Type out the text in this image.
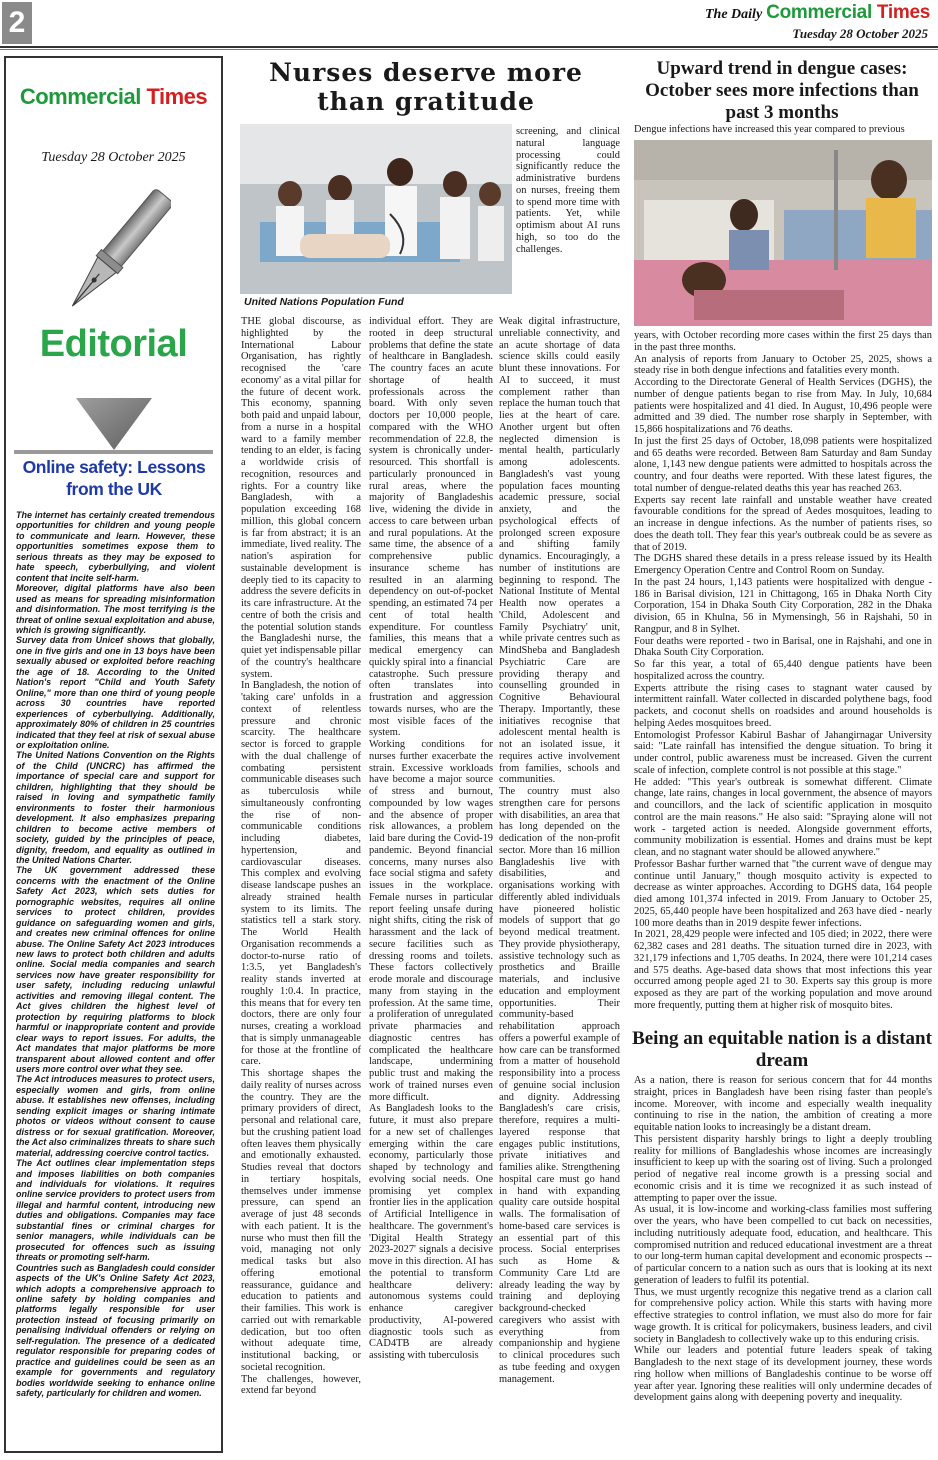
2	The Daily Commercial Times
Tuesday 28 October 2025
Commercial Times
Tuesday 28 October 2025
Editorial
Online safety: Lessons from the UK

The internet has certainly created tremendous opportunities for children and young people to communicate and learn. However, these opportunities sometimes expose them to serious threats as they may be exposed to hate speech, cyberbullying, and violent content that incite self-harm.

Moreover, digital platforms have also been used as means for spreading misinformation and disinformation. The most terrifying is the threat of online sexual exploitation and abuse, which is growing significantly.

Survey data from Unicef shows that globally, one in five girls and one in 13 boys have been sexually abused or exploited before reaching the age of 18. According to the United Nation's report "Child and Youth Safety Online," more than one third of young people across 30 countries have reported experiences of cyberbullying. Additionally, approximately 80% of children in 25 countries indicated that they feel at risk of sexual abuse or exploitation online.

The United Nations Convention on the Rights of the Child (UNCRC) has affirmed the importance of special care and support for children, highlighting that they should be raised in loving and sympathetic family environments to foster their harmonious development. It also emphasizes preparing children to become active members of society, guided by the principles of peace, dignity, freedom, and equality as outlined in the United Nations Charter.

The UK government addressed these concerns with the enactment of the Online Safety Act 2023, which sets duties for pornographic websites, requires all online services to protect children, provides guidance on safeguarding women and girls, and creates new criminal offences for online abuse. The Online Safety Act 2023 introduces new laws to protect both children and adults online. Social media companies and search services now have greater responsibility for user safety, including reducing unlawful activities and removing illegal content. The Act gives children the highest level of protection by requiring platforms to block harmful or inappropriate content and provide clear ways to report issues. For adults, the Act mandates that major platforms be more transparent about allowed content and offer users more control over what they see.

The Act introduces measures to protect users, especially women and girls, from online abuse. It establishes new offenses, including sending explicit images or sharing intimate photos or videos without consent to cause distress or for sexual gratification. Moreover, the Act also criminalizes threats to share such material, addressing coercive control tactics.

The Act outlines clear implementation steps and imposes liabilities on both companies and individuals for violations. It requires online service providers to protect users from illegal and harmful content, introducing new duties and obligations. Companies may face substantial fines or criminal charges for senior managers, while individuals can be prosecuted for offences such as issuing threats or promoting self-harm.

Countries such as Bangladesh could consider aspects of the UK's Online Safety Act 2023, which adopts a comprehensive approach to online safety by holding companies and platforms legally responsible for user protection instead of focusing primarily on penalising individual offenders or relying on self-regulation. The presence of a dedicated regulator responsible for preparing codes of practice and guidelines could be seen as an example for governments and regulatory bodies worldwide seeking to enhance online safety, particularly for children and women.

Nurses deserve more
than gratitude
United Nations Population Fund
screening, and clinical natural language processing could significantly reduce the administrative burdens on nurses, freeing them to spend more time with patients. Yet, while optimism about AI runs high, so too do the challenges.

THE global discourse, as highlighted by the International Labour Organisation, has rightly recognised the 'care economy' as a vital pillar for the future of decent work. This economy, spanning both paid and unpaid labour, from a nurse in a hospital ward to a family member tending to an elder, is facing a worldwide crisis of recognition, resources and rights. For a country like Bangladesh, with a population exceeding 168 million, this global concern is far from abstract; it is an immediate, lived reality. The nation's aspiration for sustainable development is deeply tied to its capacity to address the severe deficits in its care infrastructure. At the centre of both the crisis and the potential solution stands the Bangladeshi nurse, the quiet yet indispensable pillar of the country's healthcare system.

In Bangladesh, the notion of 'taking care' unfolds in a context of relentless pressure and chronic scarcity. The healthcare sector is forced to grapple with the dual challenge of combating persistent communicable diseases such as tuberculosis while simultaneously confronting the rise of non-communicable conditions including diabetes, hypertension, and cardiovascular diseases. This complex and evolving disease landscape pushes an already strained health system to its limits. The statistics tell a stark story. The World Health Organisation recommends a doctor-to-nurse ratio of 1:3.5, yet Bangladesh's reality stands inverted at roughly 1:0.4. In practice, this means that for every ten doctors, there are only four nurses, creating a workload that is simply unmanageable for those at the frontline of care.

This shortage shapes the daily reality of nurses across the country. They are the primary providers of direct, personal and relational care, but the crushing patient load often leaves them physically and emotionally exhausted. Studies reveal that doctors in tertiary hospitals, themselves under immense pressure, can spend an average of just 48 seconds with each patient. It is the nurse who must then fill the void, managing not only medical tasks but also offering emotional reassurance, guidance and education to patients and their families. This work is carried out with remarkable dedication, but too often without adequate time, institutional backing, or societal recognition.

The challenges, however, extend far beyond

individual effort. They are rooted in deep structural problems that define the state of healthcare in Bangladesh. The country faces an acute shortage of health professionals across the board. With only seven doctors per 10,000 people, compared with the WHO recommendation of 22.8, the system is chronically under-resourced. This shortfall is particularly pronounced in rural areas, where the majority of Bangladeshis live, widening the divide in access to care between urban and rural populations. At the same time, the absence of a comprehensive public insurance scheme has resulted in an alarming dependency on out-of-pocket spending, an estimated 74 per cent of total health expenditure. For countless families, this means that a medical emergency can quickly spiral into a financial catastrophe. Such pressure often translates into frustration and aggression towards nurses, who are the most visible faces of the system.

Working conditions for nurses further exacerbate the strain. Excessive workloads have become a major source of stress and burnout, compounded by low wages and the absence of proper risk allowances, a problem laid bare during the Covid-19 pandemic. Beyond financial concerns, many nurses also face social stigma and safety issues in the workplace. Female nurses in particular report feeling unsafe during night shifts, citing the risk of harassment and the lack of secure facilities such as dressing rooms and toilets. These factors collectively erode morale and discourage many from staying in the profession. At the same time, a proliferation of unregulated private pharmacies and diagnostic centres has complicated the healthcare landscape, undermining public trust and making the work of trained nurses even more difficult.

As Bangladesh looks to the future, it must also prepare for a new set of challenges emerging within the care economy, particularly those shaped by technology and evolving social needs. One promising yet complex frontier lies in the application of Artificial Intelligence in healthcare. The government's 'Digital Health Strategy 2023-2027' signals a decisive move in this direction. AI has the potential to transform healthcare delivery: autonomous systems could enhance caregiver productivity, AI-powered diagnostic tools such as CAD4TB are already assisting with tuberculosis

Weak digital infrastructure, unreliable connectivity, and an acute shortage of data science skills could easily blunt these innovations. For AI to succeed, it must complement rather than replace the human touch that lies at the heart of care. Another urgent but often neglected dimension is mental health, particularly among adolescents. Bangladesh's vast young population faces mounting academic pressure, social anxiety, and the psychological effects of prolonged screen exposure and shifting family dynamics. Encouragingly, a number of institutions are beginning to respond. The National Institute of Mental Health now operates a 'Child, Adolescent and Family Psychiatry' unit, while private centres such as MindSheba and Bangladesh Psychiatric Care are providing therapy and counselling grounded in Cognitive Behavioural Therapy. Importantly, these initiatives recognise that adolescent mental health is not an isolated issue, it requires active involvement from families, schools and communities.

The country must also strengthen care for persons with disabilities, an area that has long depended on the dedication of the non-profit sector. More than 16 million Bangladeshis live with disabilities, and organisations working with differently abled individuals have pioneered holistic models of support that go beyond medical treatment. They provide physiotherapy, assistive technology such as prosthetics and Braille materials, and inclusive education and employment opportunities. Their community-based rehabilitation approach offers a powerful example of how care can be transformed from a matter of household responsibility into a process of genuine social inclusion and dignity. Addressing Bangladesh's care crisis, therefore, requires a multi-layered response that engages public institutions, private initiatives and families alike. Strengthening hospital care must go hand in hand with expanding quality care outside hospital walls. The formalisation of home-based care services is an essential part of this process. Social enterprises such as Home & Community Care Ltd are already leading the way by training and deploying background-checked caregivers who assist with everything from companionship and hygiene to clinical procedures such as tube feeding and oxygen management.

Upward trend in dengue cases: October sees more infections than past 3 months
Dengue infections have increased this year compared to previous

years, with October recording more cases within the first 25 days than in the past three months.

An analysis of reports from January to October 25, 2025, shows a steady rise in both dengue infections and fatalities every month.

According to the Directorate General of Health Services (DGHS), the number of dengue patients began to rise from May. In July, 10,684 patients were hospitalized and 41 died. In August, 10,496 people were admitted and 39 died. The number rose sharply in September, with 15,866 hospitalizations and 76 deaths.

In just the first 25 days of October, 18,098 patients were hospitalized and 65 deaths were recorded. Between 8am Saturday and 8am Sunday alone, 1,143 new dengue patients were admitted to hospitals across the country, and four deaths were reported. With these latest figures, the total number of dengue-related deaths this year has reached 263.

Experts say recent late rainfall and unstable weather have created favourable conditions for the spread of Aedes mosquitoes, leading to an increase in dengue infections. As the number of patients rises, so does the death toll. They fear this year's outbreak could be as severe as that of 2019.

The DGHS shared these details in a press release issued by its Health Emergency Operation Centre and Control Room on Sunday.

In the past 24 hours, 1,143 patients were hospitalized with dengue - 186 in Barisal division, 121 in Chittagong, 165 in Dhaka North City Corporation, 154 in Dhaka South City Corporation, 282 in the Dhaka division, 65 in Khulna, 56 in Mymensingh, 56 in Rajshahi, 50 in Rangpur, and 8 in Sylhet.

Four deaths were reported - two in Barisal, one in Rajshahi, and one in Dhaka South City Corporation.

So far this year, a total of 65,440 dengue patients have been hospitalized across the country.

Experts attribute the rising cases to stagnant water caused by intermittent rainfall. Water collected in discarded polythene bags, food packets, and coconut shells on roadsides and around households is helping Aedes mosquitoes breed.

Entomologist Professor Kabirul Bashar of Jahangirnagar University said: "Late rainfall has intensified the dengue situation. To bring it under control, public awareness must be increased. Given the current scale of infection, complete control is not possible at this stage."

He added: "This year's outbreak is somewhat different. Climate change, late rains, changes in local government, the absence of mayors and councillors, and the lack of scientific application in mosquito control are the main reasons." He also said: "Spraying alone will not work - targeted action is needed. Alongside government efforts, community mobilization is essential. Homes and drains must be kept clean, and no stagnant water should be allowed anywhere."

Professor Bashar further warned that "the current wave of dengue may continue until January," though mosquito activity is expected to decrease as winter approaches. According to DGHS data, 164 people died among 101,374 infected in 2019. From January to October 25, 2025, 65,440 people have been hospitalized and 263 have died - nearly 100 more deaths than in 2019 despite fewer infections.

In 2021, 28,429 people were infected and 105 died; in 2022, there were 62,382 cases and 281 deaths. The situation turned dire in 2023, with 321,179 infections and 1,705 deaths. In 2024, there were 101,214 cases and 575 deaths. Age-based data shows that most infections this year occurred among people aged 21 to 30. Experts say this group is more exposed as they are part of the working population and move around more frequently, putting them at higher risk of mosquito bites.

Being an equitable nation is a distant dream

As a nation, there is reason for serious concern that for 44 months straight, prices in Bangladesh have been rising faster than people's income. Moreover, with income and especially wealth inequality continuing to rise in the nation, the ambition of creating a more equitable nation looks to increasingly be a distant dream.

This persistent disparity harshly brings to light a deeply troubling reality for millions of Bangladeshis whose incomes are increasingly insufficient to keep up with the soaring ost of living. Such a prolonged period of negative real income growth is a pressing social and economic crisis and it is time we recognized it as such instead of attempting to paper over the issue.

As usual, it is low-income and working-class families most suffering over the years, who have been compelled to cut back on necessities, including nutritiously adequate food, education, and healthcare. This compromised nutrition and reduced educational investment are a threat to our long-term human capital development and economic prospects -- of particular concern to a nation such as ours that is looking at its next generation of leaders to fulfil its potential.

Thus, we must urgently recognize this negative trend as a clarion call for comprehensive policy action. While this starts with having more effective strategies to control inflation, we must also do more for fair wage growth. It is critical for policymakers, business leaders, and civil society in Bangladesh to collectively wake up to this enduring crisis.

While our leaders and potential future leaders speak of taking Bangladesh to the next stage of its development journey, these words ring hollow when millions of Bangladeshis continue to be worse off year after year. Ignoring these realities will only undermine decades of development gains along with deepening poverty and inequality.
